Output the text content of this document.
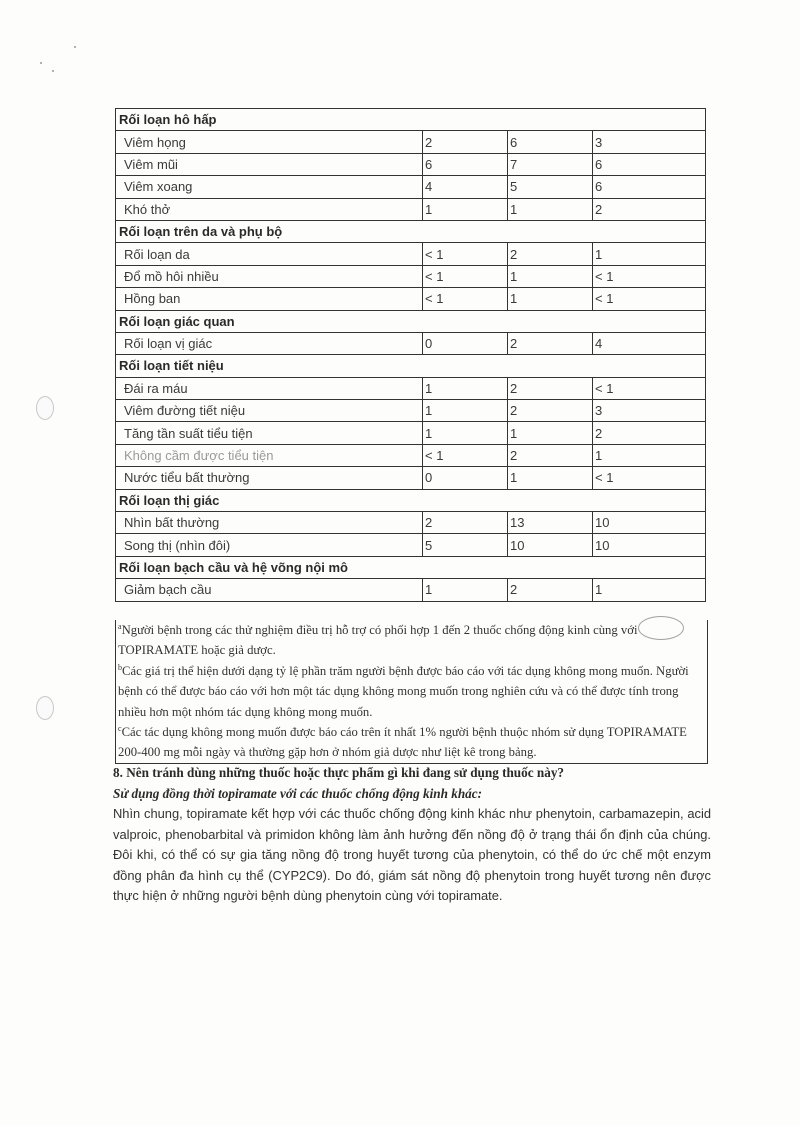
Rối loạn hô hấp			
Viêm họng	2	6	3
Viêm mũi	6	7	6
Viêm xoang	4	5	6
Khó thở	1	1	2
Rối loạn trên da và phụ bộ			
Rối loạn da	< 1	2	1
Đổ mồ hôi nhiều	< 1	1	< 1
Hồng ban	< 1	1	< 1
Rối loạn giác quan			
Rối loạn vị giác	0	2	4
Rối loạn tiết niệu			
Đái ra máu	1	2	< 1
Viêm đường tiết niệu	1	2	3
Tăng tần suất tiểu tiện	1	1	2
Không cầm được tiểu tiện	< 1	2	1
Nước tiểu bất thường	0	1	< 1
Rối loạn thị giác			
Nhìn bất thường	2	13	10
Song thị (nhìn đôi)	5	10	10
Rối loạn bạch cầu và hệ võng nội mô			
Giảm bạch cầu	1	2	1

$^a$Người bệnh trong các thử nghiệm điều trị hỗ trợ có phối hợp 1 đến 2 thuốc chống động kinh cùng với TOPIRAMATE hoặc giả dược.

$^b$Các giá trị thể hiện dưới dạng tỷ lệ phần trăm người bệnh được báo cáo với tác dụng không mong muốn. Người bệnh có thể được báo cáo với hơn một tác dụng không mong muốn trong nghiên cứu và có thể được tính trong nhiều hơn một nhóm tác dụng không mong muốn.

$^c$Các tác dụng không mong muốn được báo cáo trên ít nhất 1% người bệnh thuộc nhóm sử dụng TOPIRAMATE 200-400 mg mỗi ngày và thường gặp hơn ở nhóm giả dược như liệt kê trong bảng.

8. Nên tránh dùng những thuốc hoặc thực phẩm gì khi đang sử dụng thuốc này?

Sử dụng đồng thời topiramate với các thuốc chống động kinh khác:

Nhìn chung, topiramate kết hợp với các thuốc chống động kinh khác như phenytoin, carbamazepin, acid valproic, phenobarbital và primidon không làm ảnh hưởng đến nồng độ ở trạng thái ổn định của chúng. Đôi khi, có thể có sự gia tăng nồng độ trong huyết tương của phenytoin, có thể do ức chế một enzym đồng phân đa hình cụ thể (CYP2C9). Do đó, giám sát nồng độ phenytoin trong huyết tương nên được thực hiện ở những người bệnh dùng phenytoin cùng với topiramate.
